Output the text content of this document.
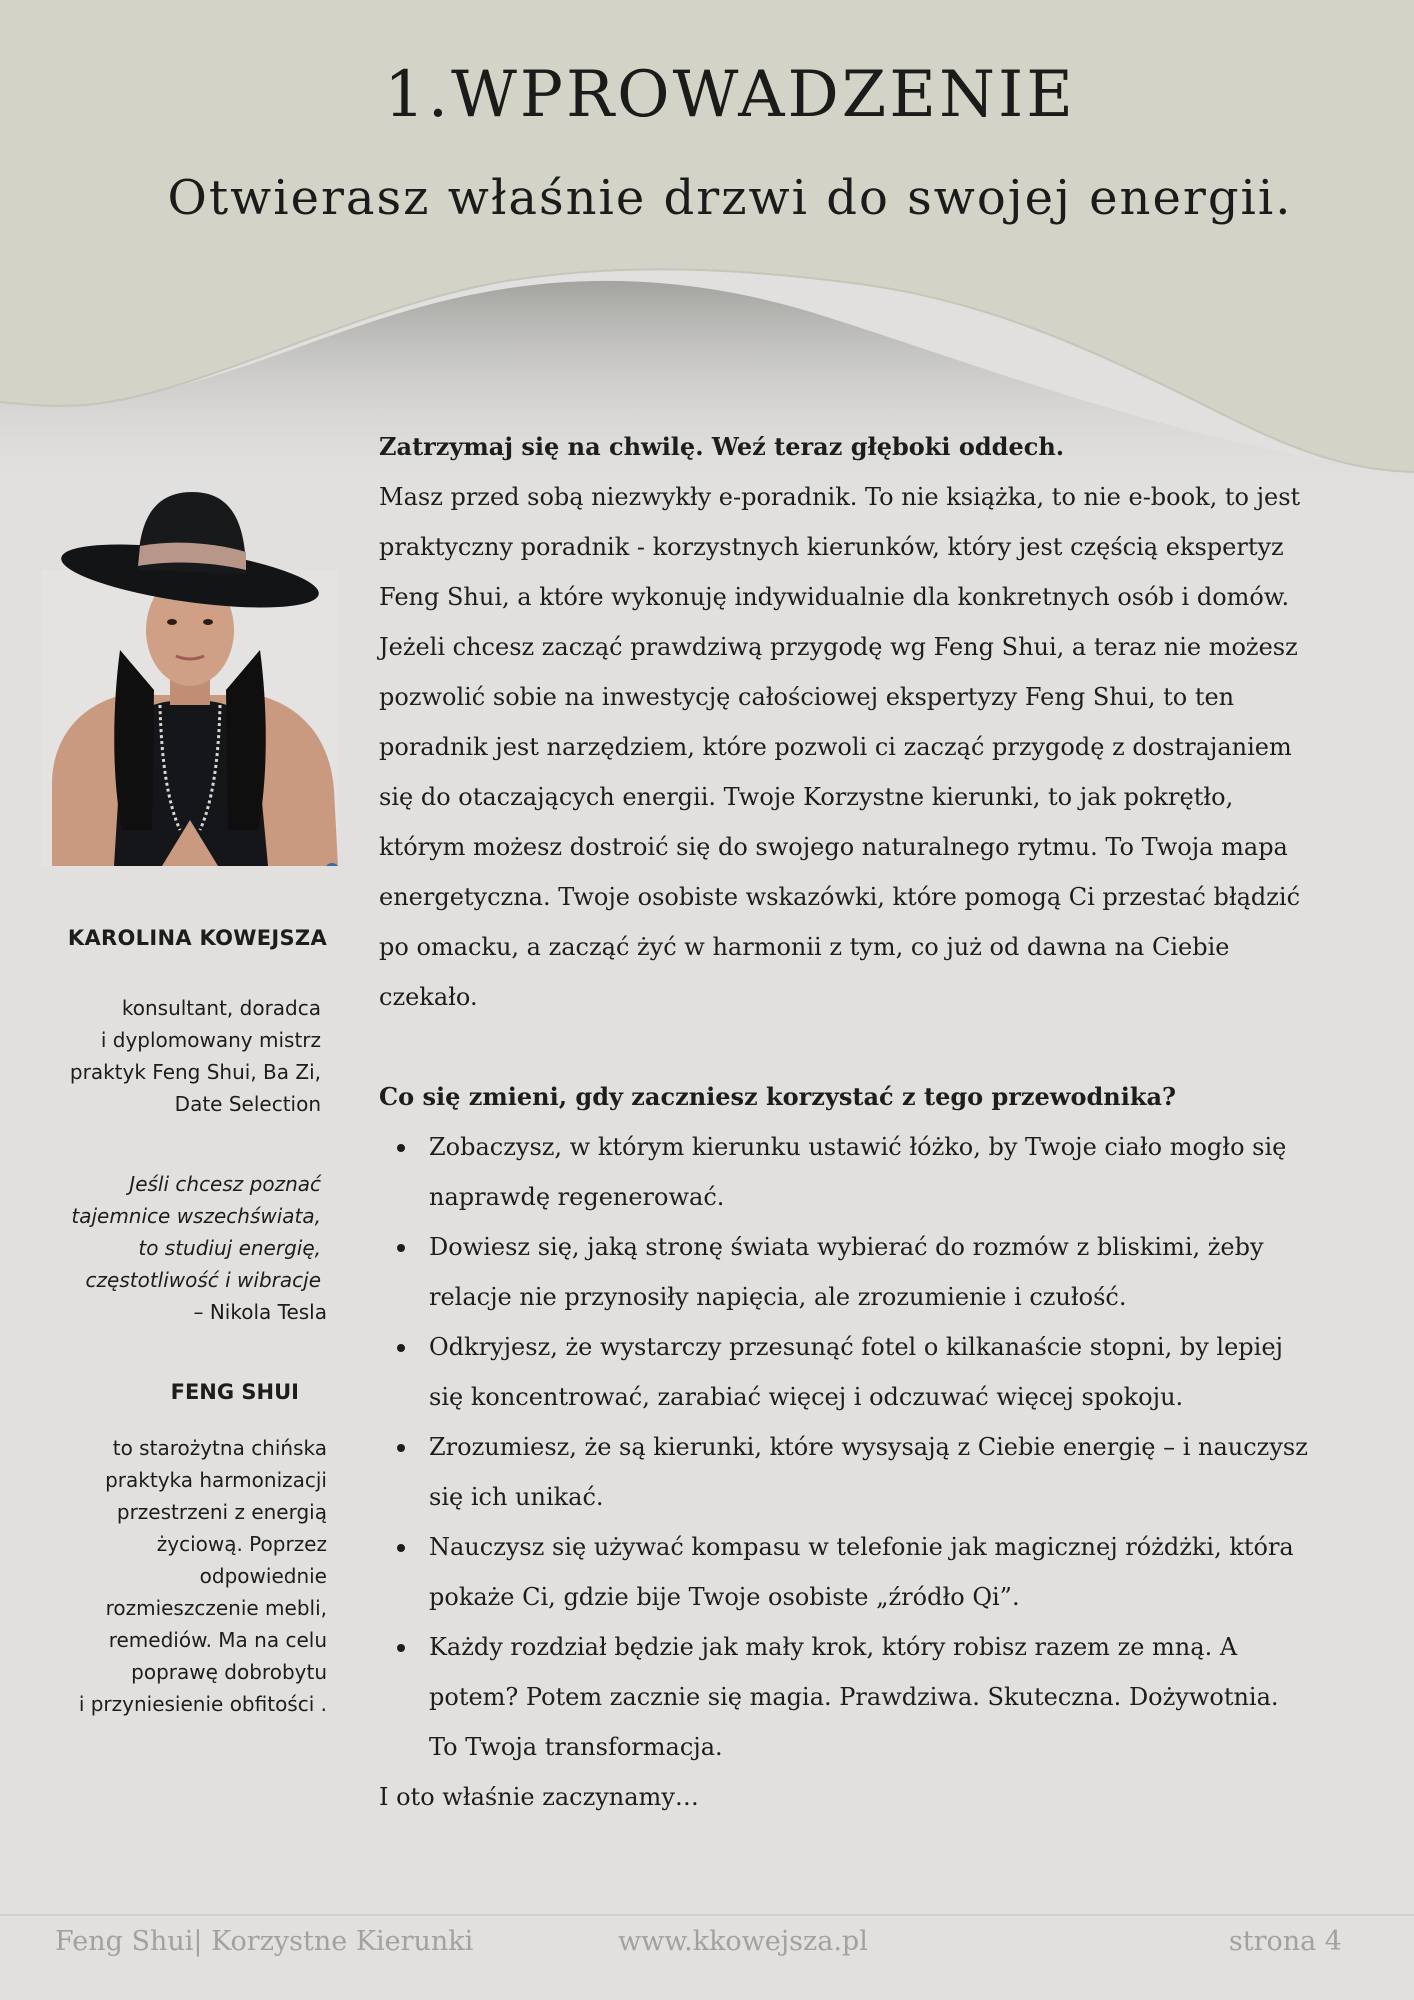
1.WPROWADZENIE
Otwierasz właśnie drzwi do swojej energii.
KAROLINA KOWEJSZA
konsultant, doradca
i dyplomowany mistrz
praktyk Feng Shui, Ba Zi,
Date Selection
Jeśli chcesz poznać
tajemnice wszechświata,
to studiuj energię,
częstotliwość i wibracje
– Nikola Tesla
FENG SHUI
to starożytna chińska
praktyka harmonizacji
przestrzeni z energią
życiową. Poprzez
odpowiednie
rozmieszczenie mebli,
remediów. Ma na celu
poprawę dobrobytu
i przyniesienie obfitości .

Zatrzymaj się na chwilę. Weź teraz głęboki oddech.

Masz przed sobą niezwykły e-poradnik. To nie książka, to nie e-book, to jest
praktyczny poradnik - korzystnych kierunków, który jest częścią ekspertyz
Feng Shui, a które wykonuję indywidualnie dla konkretnych osób i domów.
Jeżeli chcesz zacząć prawdziwą przygodę wg Feng Shui, a teraz nie możesz
pozwolić sobie na inwestycję całościowej ekspertyzy Feng Shui, to ten
poradnik jest narzędziem, które pozwoli ci zacząć przygodę z dostrajaniem
się do otaczających energii. Twoje Korzystne kierunki, to jak pokrętło,
którym możesz dostroić się do swojego naturalnego rytmu. To Twoja mapa
energetyczna. Twoje osobiste wskazówki, które pomogą Ci przestać błądzić
po omacku, a zacząć żyć w harmonii z tym, co już od dawna na Ciebie
czekało.
Co się zmieni, gdy zaczniesz korzystać z tego przewodnika?
Zobaczysz, w którym kierunku ustawić łóżko, by Twoje ciało mogło się
naprawdę regenerować.
Dowiesz się, jaką stronę świata wybierać do rozmów z bliskimi, żeby
relacje nie przynosiły napięcia, ale zrozumienie i czułość.
Odkryjesz, że wystarczy przesunąć fotel o kilkanaście stopni, by lepiej
się koncentrować, zarabiać więcej i odczuwać więcej spokoju.
Zrozumiesz, że są kierunki, które wysysają z Ciebie energię – i nauczysz
się ich unikać.
Nauczysz się używać kompasu w telefonie jak magicznej różdżki, która
pokaże Ci, gdzie bije Twoje osobiste „źródło Qi”.
Każdy rozdział będzie jak mały krok, który robisz razem ze mną. A
potem? Potem zacznie się magia. Prawdziwa. Skuteczna. Dożywotnia.
To Twoja transformacja.
I oto właśnie zaczynamy…
Feng Shui| Korzystne Kierunki	www.kkowejsza.pl	strona 4
